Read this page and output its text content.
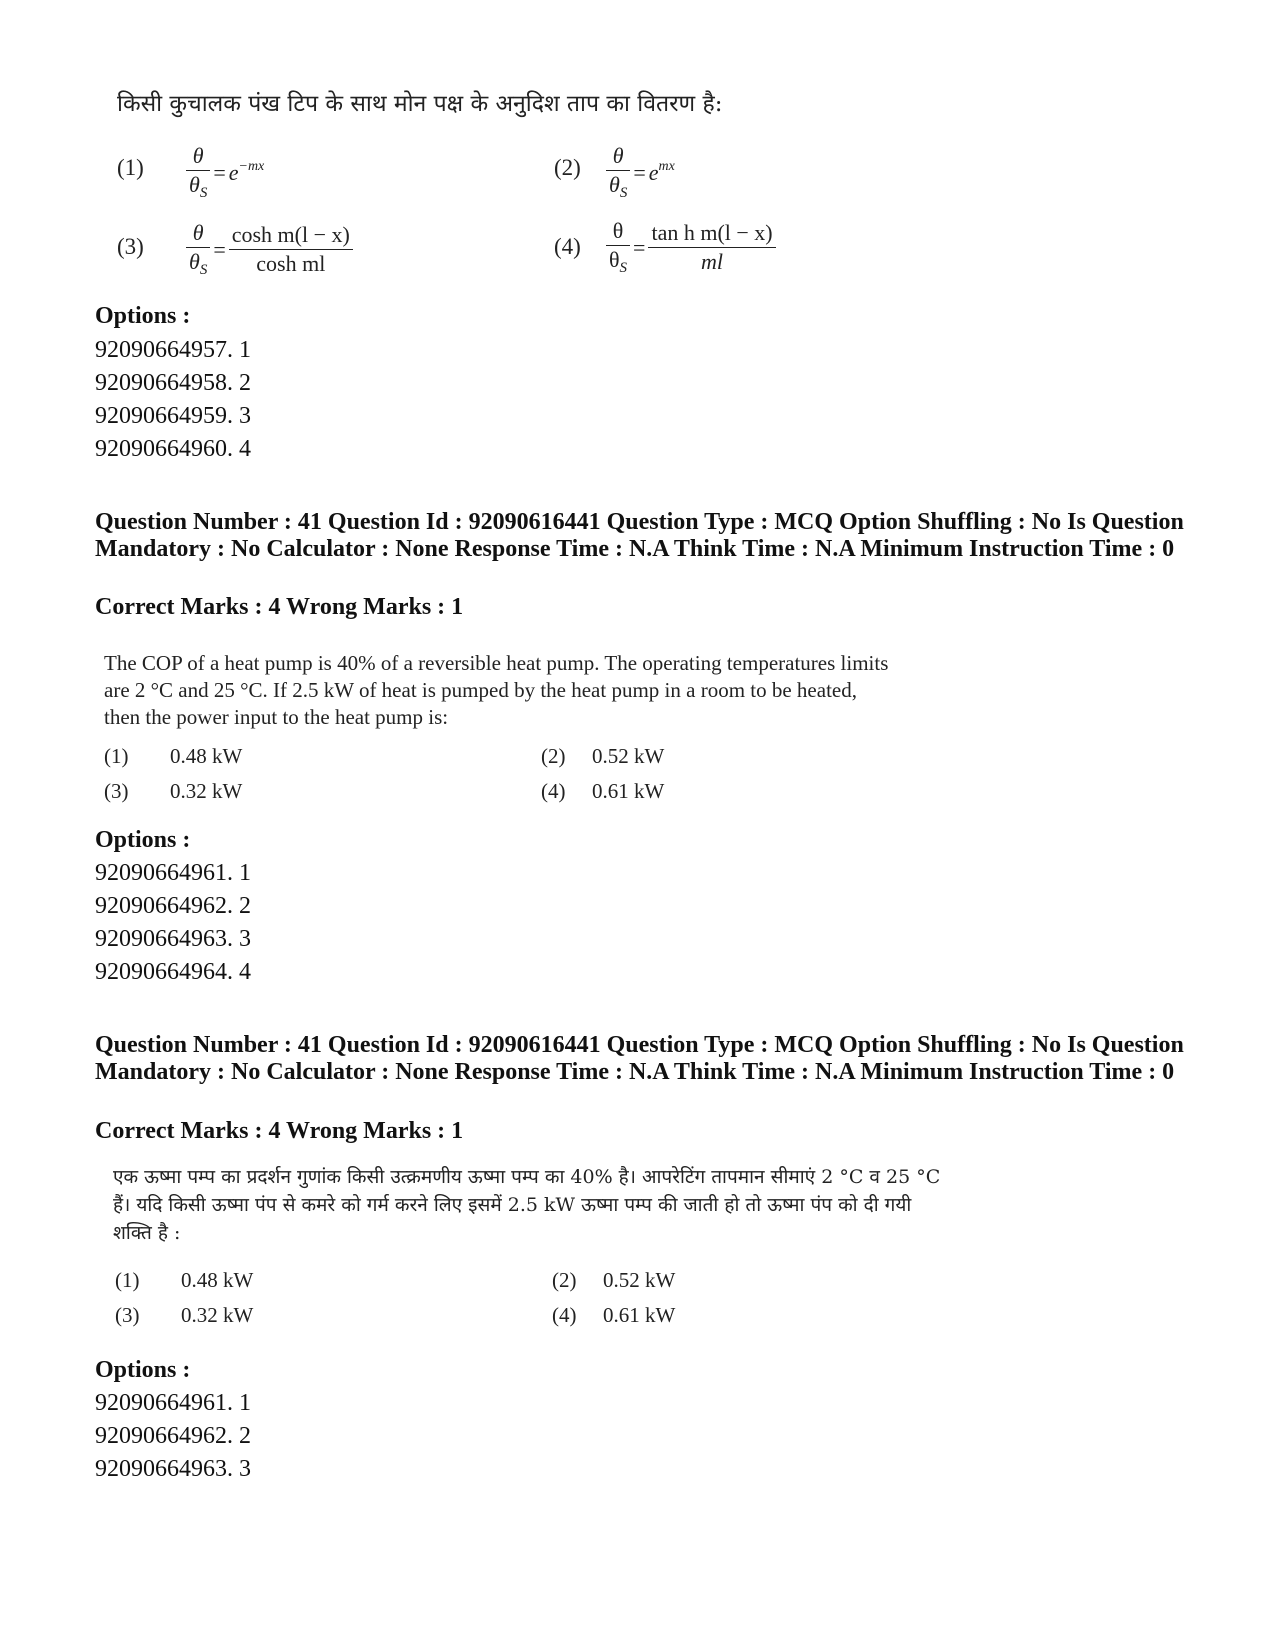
किसी कुचालक पंख टिप के साथ मोन पक्ष के अनुदिश ताप का वितरण है:
$(1) \frac{\theta}{\theta_S} = e^{-mx}$	$(2) \frac{\theta}{\theta_S} = e^{mx}$
$(3) \frac{\theta}{\theta_S} = \frac{\text{cosh m(l − x)}}{\text{cosh ml}}$	$(4) \frac{\theta}{\theta_S} = \frac{\text{tan h m(l − x)}}{ml}$
Options :
92090664957. 1
92090664958. 2
92090664959. 3
92090664960. 4
Question Number : 41 Question Id : 92090616441 Question Type : MCQ Option Shuffling : No Is Question Mandatory : No Calculator : None Response Time : N.A Think Time : N.A Minimum Instruction Time : 0
Correct Marks : 4 Wrong Marks : 1
The COP of a heat pump is 40% of a reversible heat pump. The operating temperatures limits
are 2 °C and 25 °C. If 2.5 kW of heat is pumped by the heat pump in a room to be heated,
then the power input to the heat pump is:
(1) 0.48 kW	(2) 0.52 kW
(3) 0.32 kW	(4) 0.61 kW
Options :
92090664961. 1
92090664962. 2
92090664963. 3
92090664964. 4
Question Number : 41 Question Id : 92090616441 Question Type : MCQ Option Shuffling : No Is Question Mandatory : No Calculator : None Response Time : N.A Think Time : N.A Minimum Instruction Time : 0
Correct Marks : 4 Wrong Marks : 1
एक ऊष्मा पम्प का प्रदर्शन गुणांक किसी उत्क्रमणीय ऊष्मा पम्प का 40% है। आपरेटिंग तापमान सीमाएं 2 °C व 25 °C
हैं। यदि किसी ऊष्मा पंप से कमरे को गर्म करने लिए इसमें 2.5 kW ऊष्मा पम्प की जाती हो तो ऊष्मा पंप को दी गयी
शक्ति है :
(1) 0.48 kW	(2) 0.52 kW
(3) 0.32 kW	(4) 0.61 kW
Options :
92090664961. 1
92090664962. 2
92090664963. 3
